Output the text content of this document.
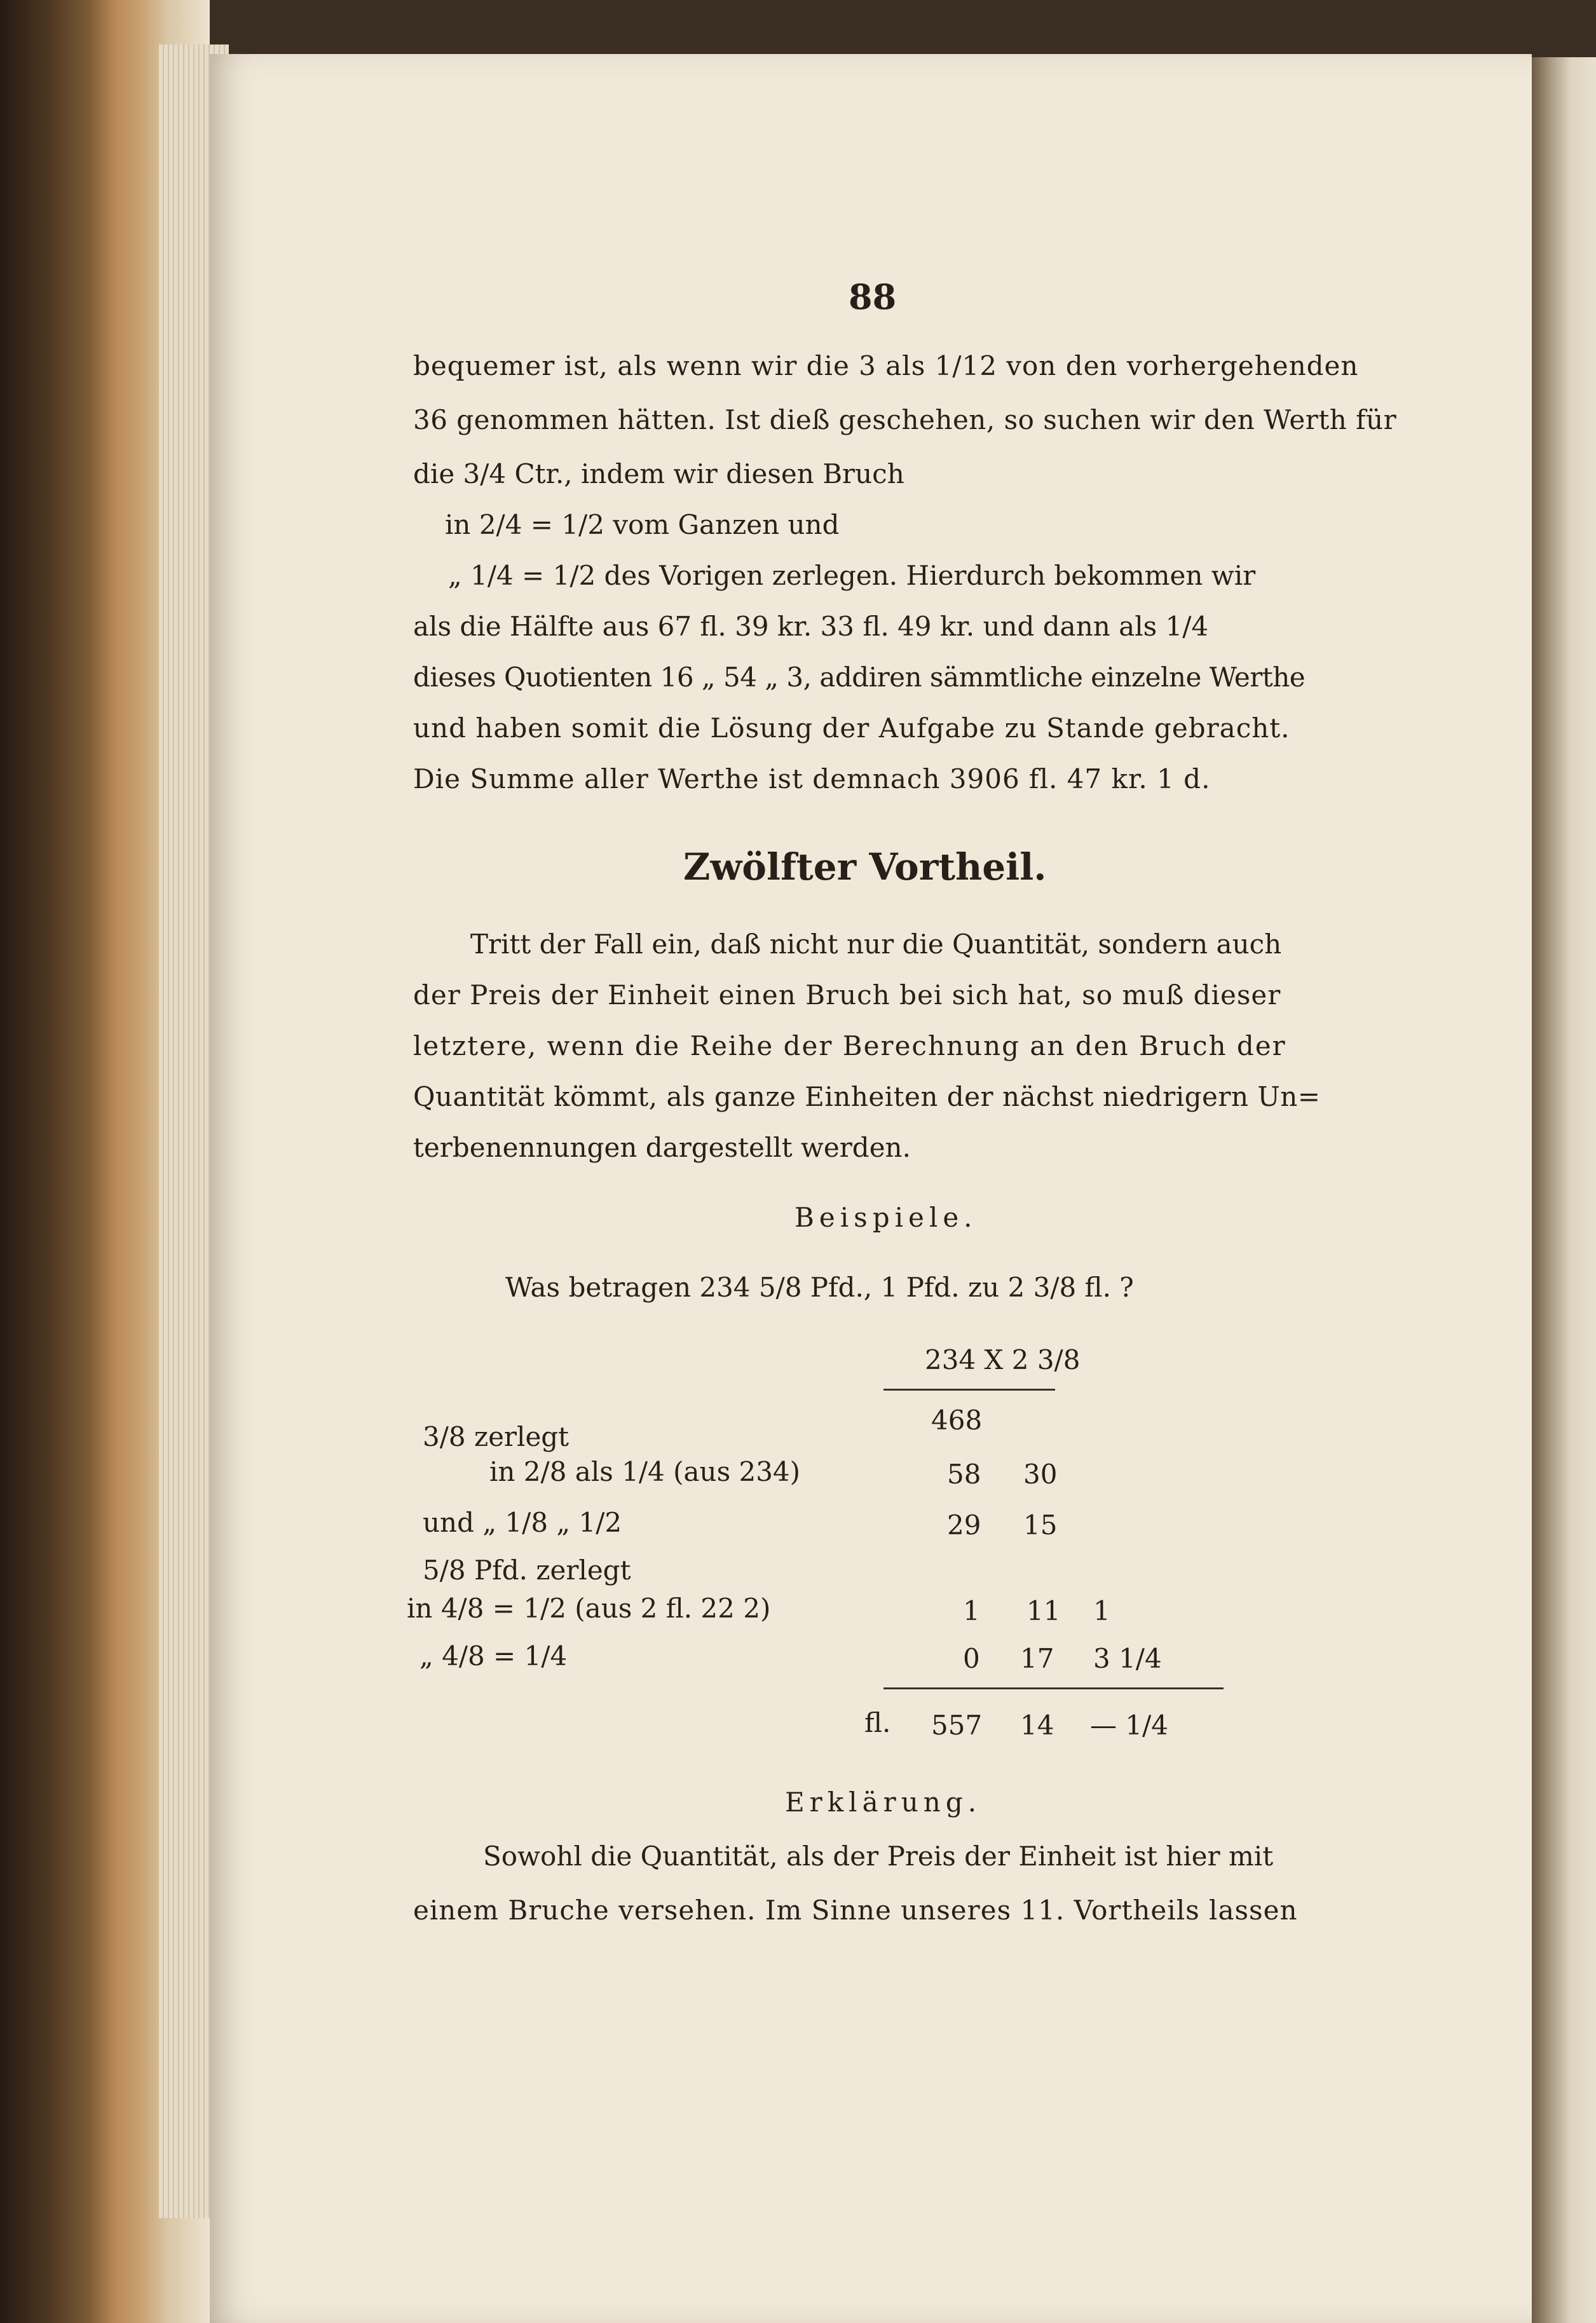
88
bequemer ist, als wenn wir die 3 als 1/12 von den vorhergehenden
36 genommen hätten. Ist dieß geschehen, so suchen wir den Werth für
die 3/4 Ctr., indem wir diesen Bruch
in 2/4 = 1/2 vom Ganzen und
„ 1/4 = 1/2 des Vorigen zerlegen. Hierdurch bekommen wir
als die Hälfte aus 67 fl. 39 kr. 33 fl. 49 kr. und dann als 1/4
dieses Quotienten 16 „ 54 „ 3, addiren sämmtliche einzelne Werthe
und haben somit die Lösung der Aufgabe zu Stande gebracht.
Die Summe aller Werthe ist demnach 3906 fl. 47 kr. 1 d.
Zwölfter Vortheil.
Tritt der Fall ein, daß nicht nur die Quantität, sondern auch
der Preis der Einheit einen Bruch bei sich hat, so muß dieser
letztere, wenn die Reihe der Berechnung an den Bruch der
Quantität kömmt, als ganze Einheiten der nächst niedrigern Un=
terbenennungen dargestellt werden.
Beispiele.
Was betragen 234 5/8 Pfd., 1 Pfd. zu 2 3/8 fl. ?
234 X 2 3/8
468
3/8 zerlegt
in 2/8 als 1/4 (aus 234)
und „ 1/8 „ 1/2
5/8 Pfd. zerlegt
in 4/8 = 1/2 (aus 2 fl. 22 2)
„ 4/8 = 1/4
58 30
29 15
1 11 1
0 17 3 1/4
fl. 557 14 — 1/4
Erklärung.
Sowohl die Quantität, als der Preis der Einheit ist hier mit
einem Bruche versehen. Im Sinne unseres 11. Vortheils lassen
